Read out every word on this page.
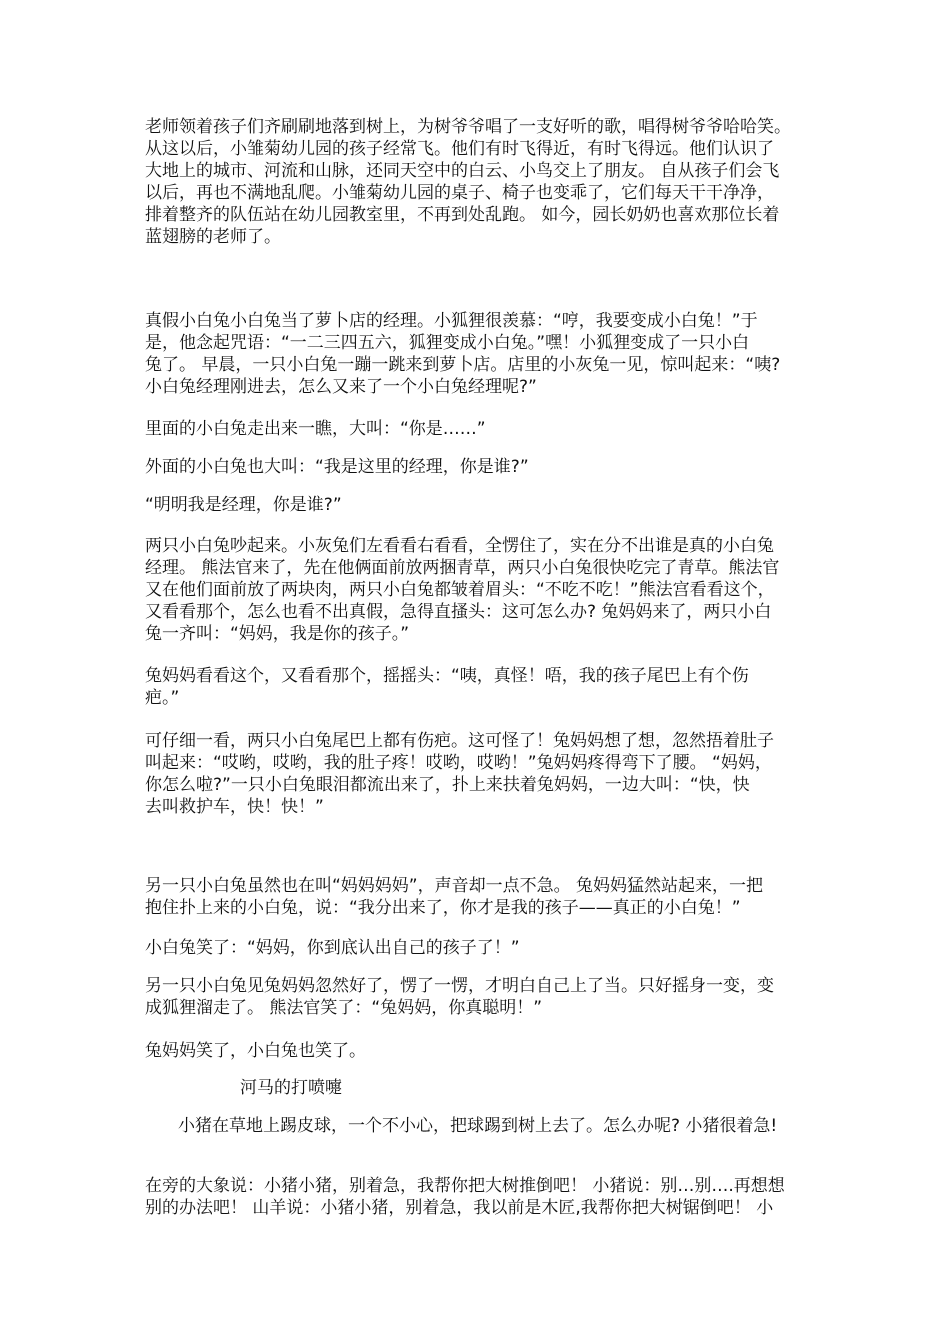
老师领着孩子们齐刷刷地落到树上，为树爷爷唱了一支好听的歌，唱得树爷爷哈哈笑。
从这以后，小雏菊幼儿园的孩子经常飞。他们有时飞得近，有时飞得远。他们认识了
大地上的城市、河流和山脉，还同天空中的白云、小鸟交上了朋友。 自从孩子们会飞
以后，再也不满地乱爬。小雏菊幼儿园的桌子、椅子也变乖了，它们每天干干净净，
排着整齐的队伍站在幼儿园教室里，不再到处乱跑。 如今，园长奶奶也喜欢那位长着
蓝翅膀的老师了。
真假小白兔小白兔当了萝卜店的经理。小狐狸很羡慕：“哼，我要变成小白兔！”于
是，他念起咒语：“一二三四五六，狐狸变成小白兔。”嘿！小狐狸变成了一只小白
兔了。 早晨，一只小白兔一蹦一跳来到萝卜店。店里的小灰兔一见，惊叫起来：“咦?
小白兔经理刚进去，怎么又来了一个小白兔经理呢?”
里面的小白兔走出来一瞧，大叫：“你是……”
外面的小白兔也大叫：“我是这里的经理，你是谁?”
“明明我是经理，你是谁?”
两只小白兔吵起来。小灰兔们左看看右看看，全愣住了，实在分不出谁是真的小白兔
经理。 熊法官来了，先在他俩面前放两捆青草，两只小白兔很快吃完了青草。熊法官
又在他们面前放了两块肉，两只小白兔都皱着眉头：“不吃不吃！”熊法宫看看这个，
又看看那个，怎么也看不出真假，急得直搔头：这可怎么办? 兔妈妈来了，两只小白
兔一齐叫：“妈妈，我是你的孩子。”
兔妈妈看看这个，又看看那个，摇摇头：“咦，真怪！唔，我的孩子尾巴上有个伤
疤。”
可仔细一看，两只小白兔尾巴上都有伤疤。这可怪了！兔妈妈想了想，忽然捂着肚子
叫起来：“哎哟，哎哟，我的肚子疼！哎哟，哎哟！”兔妈妈疼得弯下了腰。 “妈妈，
你怎么啦?”一只小白兔眼泪都流出来了，扑上来扶着兔妈妈，一边大叫：“快，快
去叫救护车，快！快！”
另一只小白兔虽然也在叫“妈妈妈妈”，声音却一点不急。 兔妈妈猛然站起来，一把
抱住扑上来的小白兔，说：“我分出来了，你才是我的孩子——真正的小白兔！”
小白兔笑了：“妈妈，你到底认出自己的孩子了！”
另一只小白兔见兔妈妈忽然好了，愣了一愣，才明白自己上了当。只好摇身一变，变
成狐狸溜走了。 熊法官笑了：“兔妈妈，你真聪明！”
兔妈妈笑了，小白兔也笑了。
河马的打喷嚏
小猪在草地上踢皮球，一个不小心，把球踢到树上去了。怎么办呢? 小猪很着急!
在旁的大象说：小猪小猪，别着急，我帮你把大树推倒吧！ 小猪说：别…别….再想想
别的办法吧！ 山羊说：小猪小猪，别着急，我以前是木匠,我帮你把大树锯倒吧！ 小
